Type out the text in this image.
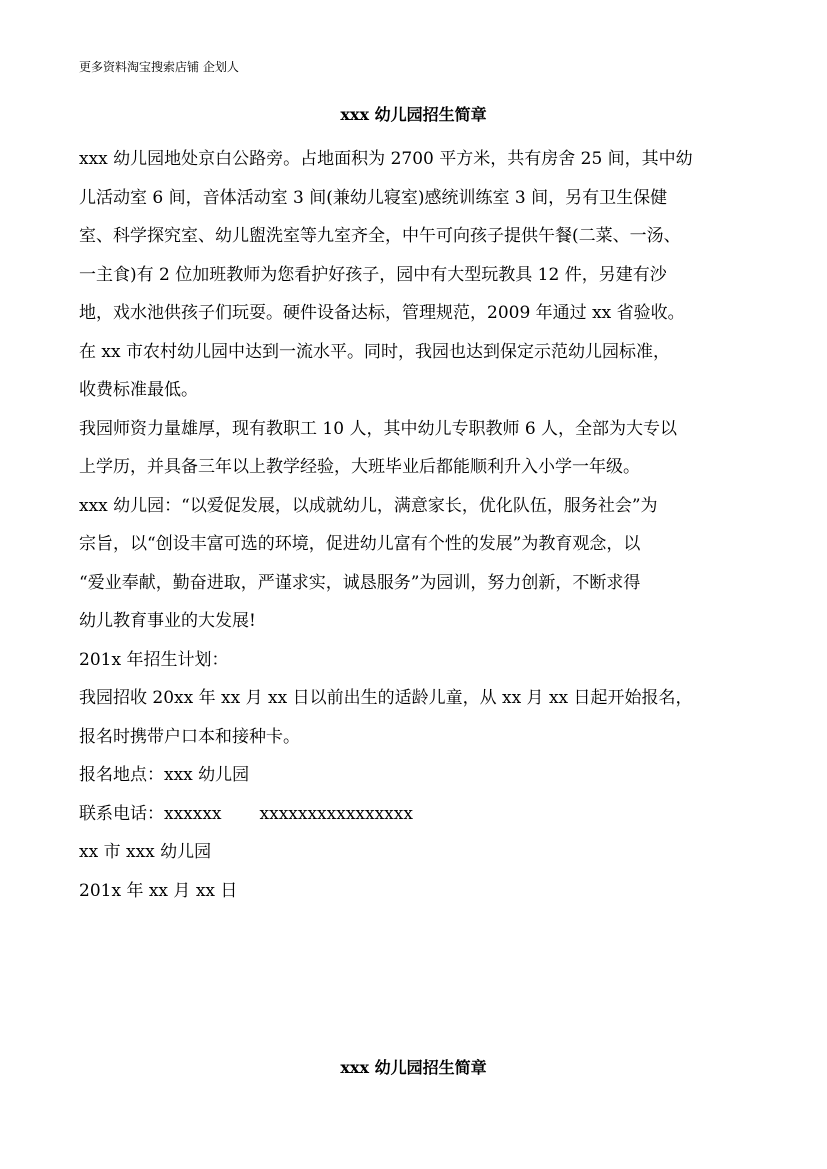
更多资料淘宝搜索店铺 企划人
xxx 幼儿园招生简章

xxx 幼儿园地处京白公路旁。占地面积为 2700 平方米，共有房舍 25 间，其中幼
儿活动室 6 间，音体活动室 3 间(兼幼儿寝室)感统训练室 3 间，另有卫生保健
室、科学探究室、幼儿盥洗室等九室齐全，中午可向孩子提供午餐(二菜、一汤、
一主食)有 2 位加班教师为您看护好孩子，园中有大型玩教具 12 件，另建有沙
地，戏水池供孩子们玩耍。硬件设备达标，管理规范，2009 年通过 xx 省验收。
在 xx 市农村幼儿园中达到一流水平。同时，我园也达到保定示范幼儿园标准，
收费标准最低。

我园师资力量雄厚，现有教职工 10 人，其中幼儿专职教师 6 人，全部为大专以
上学历，并具备三年以上教学经验，大班毕业后都能顺利升入小学一年级。

xxx 幼儿园：“以爱促发展，以成就幼儿，满意家长，优化队伍，服务社会”为
宗旨，以“创设丰富可选的环境，促进幼儿富有个性的发展”为教育观念，以
“爱业奉献，勤奋进取，严谨求实，诚恳服务”为园训，努力创新，不断求得
幼儿教育事业的大发展!

201x 年招生计划：

我园招收 20xx 年 xx 月 xx 日以前出生的适龄儿童，从 xx 月 xx 日起开始报名，
报名时携带户口本和接种卡。

报名地点：xxx 幼儿园

联系电话：xxxxxx xxxxxxxxxxxxxxxx

xx 市 xxx 幼儿园

201x 年 xx 月 xx 日

xxx 幼儿园招生简章
